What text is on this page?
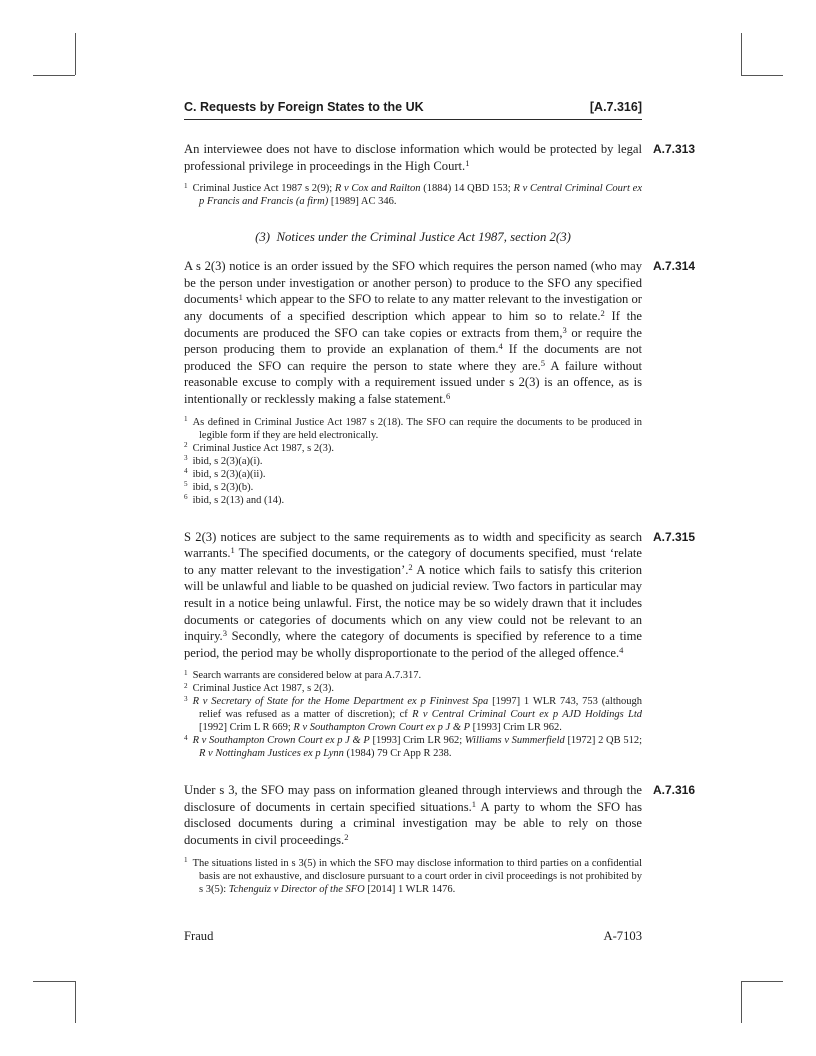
C. Requests by Foreign States to the UK	[A.7.316]

An interviewee does not have to disclose information which would be protected by legal professional privilege in proceedings in the High Court.$^1$

A.7.313

$^1$ Criminal Justice Act 1987 s 2(9); R v Cox and Railton (1884) 14 QBD 153; R v Central Criminal Court ex p Francis and Francis (a firm) [1989] AC 346.

(3) Notices under the Criminal Justice Act 1987, section 2(3)

A s 2(3) notice is an order issued by the SFO which requires the person named (who may be the person under investigation or another person) to produce to the SFO any specified documents$^1$ which appear to the SFO to relate to any matter relevant to the investigation or any documents of a specified description which appear to him so to relate.$^2$ If the documents are produced the SFO can take copies or extracts from them,$^3$ or require the person producing them to provide an explanation of them.$^4$ If the documents are not produced the SFO can require the person to state where they are.$^5$ A failure without reasonable excuse to comply with a requirement issued under s 2(3) is an offence, as is intentionally or recklessly making a false statement.$^6$

A.7.314

$^1$ As defined in Criminal Justice Act 1987 s 2(18). The SFO can require the documents to be produced in legible form if they are held electronically.

$^2$ Criminal Justice Act 1987, s 2(3).

$^3$ ibid, s 2(3)(a)(i).

$^4$ ibid, s 2(3)(a)(ii).

$^5$ ibid, s 2(3)(b).

$^6$ ibid, s 2(13) and (14).

S 2(3) notices are subject to the same requirements as to width and specificity as search warrants.$^1$ The specified documents, or the category of documents specified, must ‘relate to any matter relevant to the investigation’.$^2$ A notice which fails to satisfy this criterion will be unlawful and liable to be quashed on judicial review. Two factors in particular may result in a notice being unlawful. First, the notice may be so widely drawn that it includes documents or categories of documents which on any view could not be relevant to an inquiry.$^3$ Secondly, where the category of documents is specified by reference to a time period, the period may be wholly disproportionate to the period of the alleged offence.$^4$

A.7.315

$^1$ Search warrants are considered below at para A.7.317.

$^2$ Criminal Justice Act 1987, s 2(3).

$^3$ R v Secretary of State for the Home Department ex p Fininvest Spa [1997] 1 WLR 743, 753 (although relief was refused as a matter of discretion); cf R v Central Criminal Court ex p AJD Holdings Ltd [1992] Crim L R 669; R v Southampton Crown Court ex p J & P [1993] Crim LR 962.

$^4$ R v Southampton Crown Court ex p J & P [1993] Crim LR 962; Williams v Summerfield [1972] 2 QB 512; R v Nottingham Justices ex p Lynn (1984) 79 Cr App R 238.

Under s 3, the SFO may pass on information gleaned through interviews and through the disclosure of documents in certain specified situations.$^1$ A party to whom the SFO has disclosed documents during a criminal investigation may be able to rely on those documents in civil proceedings.$^2$

A.7.316

$^1$ The situations listed in s 3(5) in which the SFO may disclose information to third parties on a confidential basis are not exhaustive, and disclosure pursuant to a court order in civil proceedings is not prohibited by s 3(5): Tchenguiz v Director of the SFO [2014] 1 WLR 1476.

Fraud	A-7103
